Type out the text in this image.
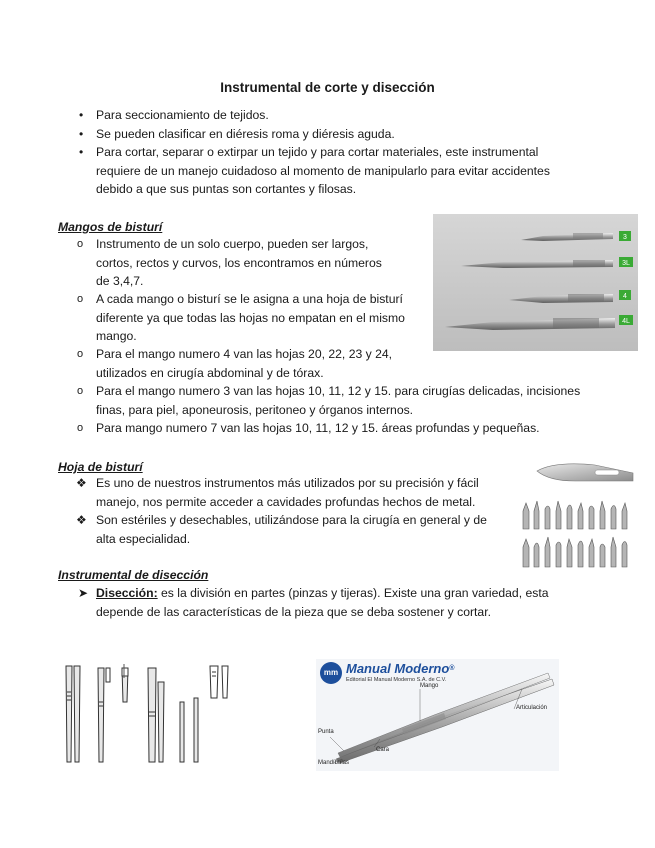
Instrumental de corte y disección
• Para seccionamiento de tejidos.
• Se pueden clasificar en diéresis roma y diéresis aguda.
• Para cortar, separar o extirpar un tejido y para cortar materiales, este instrumental requiere de un manejo cuidadoso al momento de manipularlo para evitar accidentes debido a que sus puntas son cortantes y filosas.
Mangos de bisturí
o Instrumento de un solo cuerpo, pueden ser largos, cortos, rectos y curvos, los encontramos en números de 3,4,7.
o A cada mango o bisturí se le asigna a una hoja de bisturí diferente ya que todas las hojas no empatan en el mismo mango.
o Para el mango numero 4 van las hojas 20, 22, 23 y 24, utilizados en cirugía abdominal y de tórax.
o Para el mango numero 3 van las hojas 10, 11, 12 y 15. para cirugías delicadas, incisiones finas, para piel, aponeurosis, peritoneo y órganos internos.
o Para mango numero 7 van las hojas 10, 11, 12 y 15. áreas profundas y pequeñas.
3
3L
4
4L
Hoja de bisturí
❖ Es uno de nuestros instrumentos más utilizados por su precisión y fácil manejo, nos permite acceder a cavidades profundas hechos de metal.
❖ Son estériles y desechables, utilizándose para la cirugía en general y de alta especialidad.
Instrumental de disección
➤ Disección: es la división en partes (pinzas y tijeras). Existe una gran variedad, esta depende de las características de la pieza que se deba sostener y cortar.
mm Manual Moderno®
Editorial El Manual Moderno S.A. de C.V.
Mango
Articulación
Punta
Cara
Mandíbulas
